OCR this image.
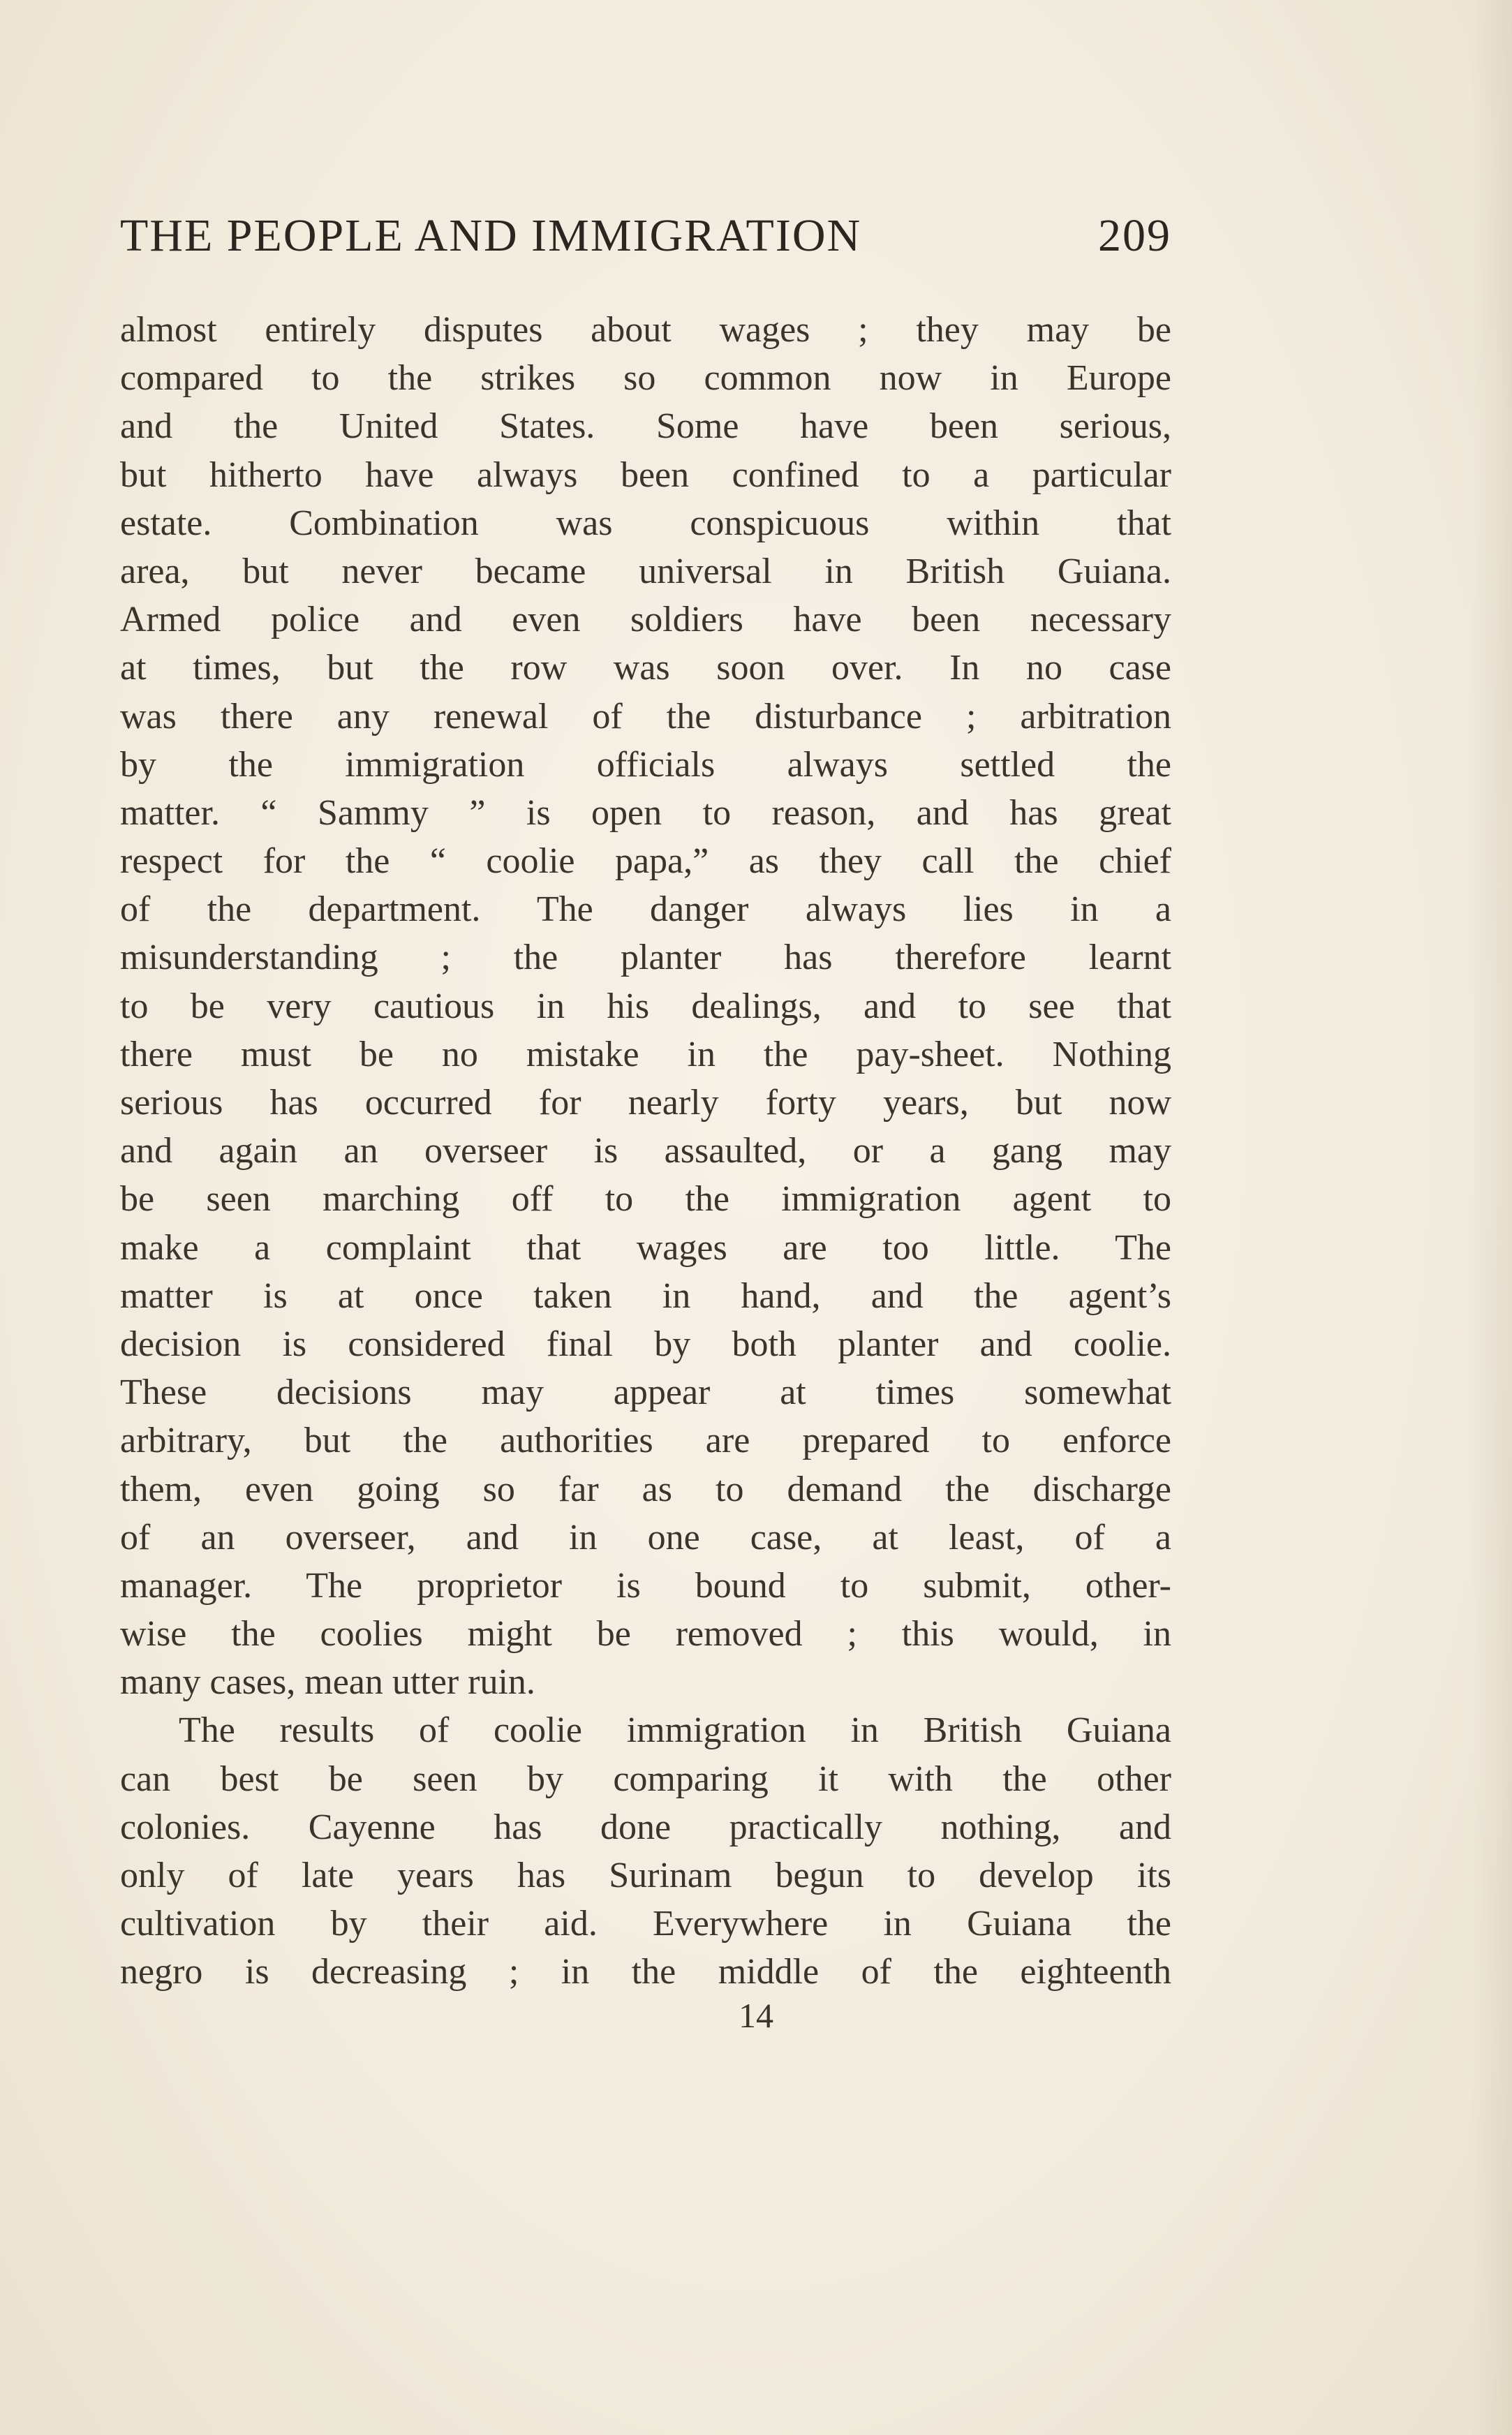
THE PEOPLE AND IMMIGRATION	209
almost entirely disputes about wages ; they may be
compared to the strikes so common now in Europe
and the United States. Some have been serious,
but hitherto have always been confined to a particular
estate. Combination was conspicuous within that
area, but never became universal in British Guiana.
Armed police and even soldiers have been necessary
at times, but the row was soon over. In no case
was there any renewal of the disturbance ; arbitration
by the immigration officials always settled the
matter. “ Sammy ” is open to reason, and has great
respect for the “ coolie papa,” as they call the chief
of the department. The danger always lies in a
misunderstanding ; the planter has therefore learnt
to be very cautious in his dealings, and to see that
there must be no mistake in the pay-sheet. Nothing
serious has occurred for nearly forty years, but now
and again an overseer is assaulted, or a gang may
be seen marching off to the immigration agent to
make a complaint that wages are too little. The
matter is at once taken in hand, and the agent’s
decision is considered final by both planter and coolie.
These decisions may appear at times somewhat
arbitrary, but the authorities are prepared to enforce
them, even going so far as to demand the discharge
of an overseer, and in one case, at least, of a
manager. The proprietor is bound to submit, other-
wise the coolies might be removed ; this would, in
many cases, mean utter ruin.
The results of coolie immigration in British Guiana
can best be seen by comparing it with the other
colonies. Cayenne has done practically nothing, and
only of late years has Surinam begun to develop its
cultivation by their aid. Everywhere in Guiana the
negro is decreasing ; in the middle of the eighteenth
14
